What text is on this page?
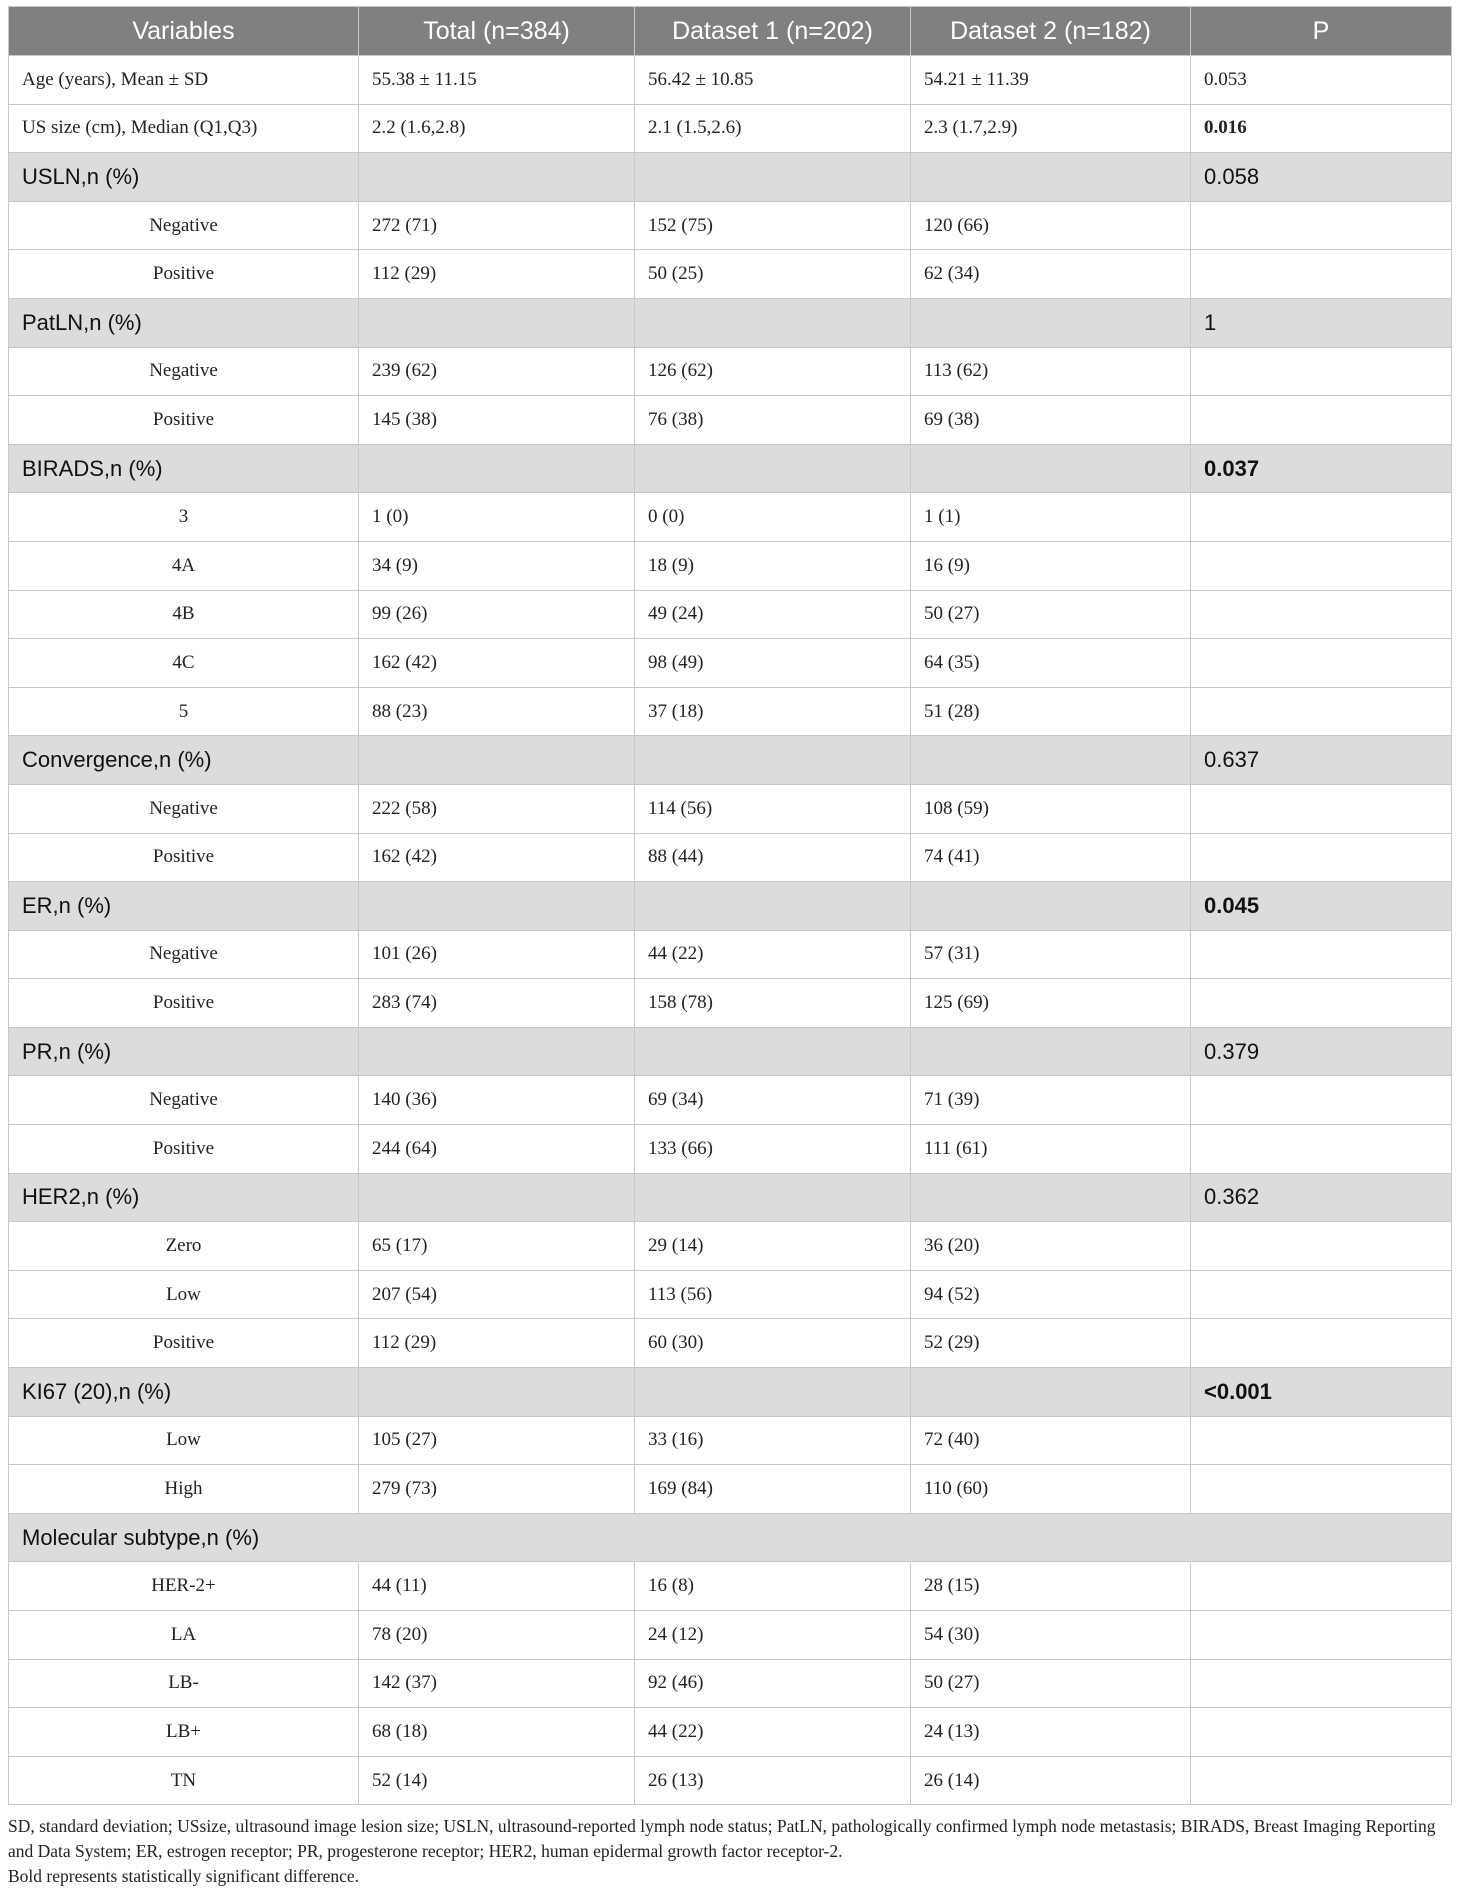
Variables	Total (n=384)	Dataset 1 (n=202)	Dataset 2 (n=182)	P
Age (years), Mean ± SD	55.38 ± 11.15	56.42 ± 10.85	54.21 ± 11.39	0.053
US size (cm), Median (Q1,Q3)	2.2 (1.6,2.8)	2.1 (1.5,2.6)	2.3 (1.7,2.9)	0.016
USLN,n (%)				0.058
Negative	272 (71)	152 (75)	120 (66)	
Positive	112 (29)	50 (25)	62 (34)	
PatLN,n (%)				1
Negative	239 (62)	126 (62)	113 (62)	
Positive	145 (38)	76 (38)	69 (38)	
BIRADS,n (%)				0.037
3	1 (0)	0 (0)	1 (1)	
4A	34 (9)	18 (9)	16 (9)	
4B	99 (26)	49 (24)	50 (27)	
4C	162 (42)	98 (49)	64 (35)	
5	88 (23)	37 (18)	51 (28)	
Convergence,n (%)				0.637
Negative	222 (58)	114 (56)	108 (59)	
Positive	162 (42)	88 (44)	74 (41)	
ER,n (%)				0.045
Negative	101 (26)	44 (22)	57 (31)	
Positive	283 (74)	158 (78)	125 (69)	
PR,n (%)				0.379
Negative	140 (36)	69 (34)	71 (39)	
Positive	244 (64)	133 (66)	111 (61)	
HER2,n (%)				0.362
Zero	65 (17)	29 (14)	36 (20)	
Low	207 (54)	113 (56)	94 (52)	
Positive	112 (29)	60 (30)	52 (29)	
KI67 (20),n (%)				<0.001
Low	105 (27)	33 (16)	72 (40)	
High	279 (73)	169 (84)	110 (60)	
Molecular subtype,n (%)				
HER-2+	44 (11)	16 (8)	28 (15)	
LA	78 (20)	24 (12)	54 (30)	
LB-	142 (37)	92 (46)	50 (27)	
LB+	68 (18)	44 (22)	24 (13)	
TN	52 (14)	26 (13)	26 (14)	
SD, standard deviation; USsize, ultrasound image lesion size; USLN, ultrasound-reported lymph node status; PatLN, pathologically confirmed lymph node metastasis; BIRADS, Breast Imaging Reporting and Data System; ER, estrogen receptor; PR, progesterone receptor; HER2, human epidermal growth factor receptor-2.
Bold represents statistically significant difference.
